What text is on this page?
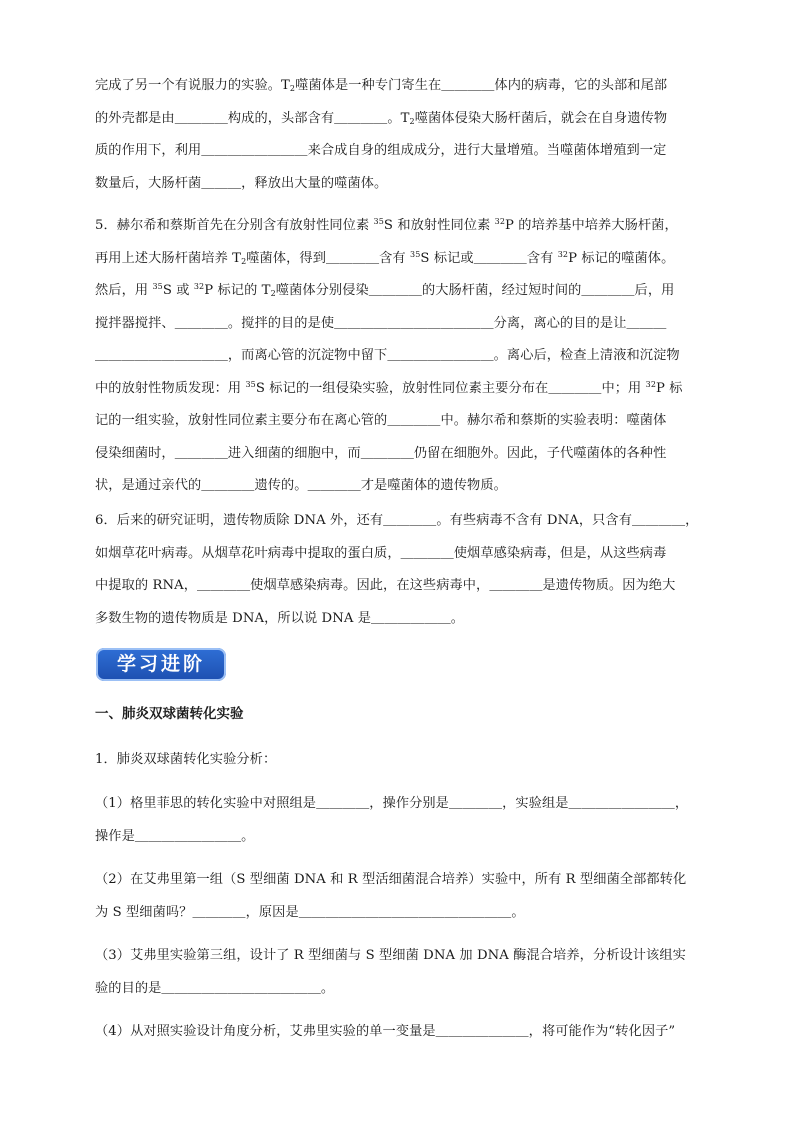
完成了另一个有说服力的实验。$T_2$噬菌体是一种专门寄生在＿＿＿＿体内的病毒，它的头部和尾部
的外壳都是由＿＿＿＿构成的，头部含有＿＿＿＿。$T_2$噬菌体侵染大肠杆菌后，就会在自身遗传物
质的作用下，利用＿＿＿＿＿＿＿＿来合成自身的组成成分，进行大量增殖。当噬菌体增殖到一定
数量后，大肠杆菌＿＿＿，释放出大量的噬菌体。
5．赫尔希和蔡斯首先在分别含有放射性同位素 $^{35}$S 和放射性同位素 $^{32}$P 的培养基中培养大肠杆菌，
再用上述大肠杆菌培养 $T_2$噬菌体，得到＿＿＿＿含有 $^{35}$S 标记或＿＿＿＿含有 $^{32}$P 标记的噬菌体。
然后，用 $^{35}$S 或 $^{32}$P 标记的 $T_2$噬菌体分别侵染＿＿＿＿的大肠杆菌，经过短时间的＿＿＿＿后，用
搅拌器搅拌、＿＿＿＿。搅拌的目的是使＿＿＿＿＿＿＿＿＿＿＿＿分离，离心的目的是让＿＿＿
＿＿＿＿＿＿＿＿＿＿，而离心管的沉淀物中留下＿＿＿＿＿＿＿＿。离心后，检查上清液和沉淀物
中的放射性物质发现：用 $^{35}$S 标记的一组侵染实验，放射性同位素主要分布在＿＿＿＿中；用 $^{32}$P 标
记的一组实验，放射性同位素主要分布在离心管的＿＿＿＿中。赫尔希和蔡斯的实验表明：噬菌体
侵染细菌时，＿＿＿＿进入细菌的细胞中，而＿＿＿＿仍留在细胞外。因此，子代噬菌体的各种性
状，是通过亲代的＿＿＿＿遗传的。＿＿＿＿才是噬菌体的遗传物质。
6．后来的研究证明，遗传物质除 DNA 外，还有＿＿＿＿。有些病毒不含有 DNA，只含有＿＿＿＿，
如烟草花叶病毒。从烟草花叶病毒中提取的蛋白质，＿＿＿＿使烟草感染病毒，但是，从这些病毒
中提取的 RNA，＿＿＿＿使烟草感染病毒。因此，在这些病毒中，＿＿＿＿是遗传物质。因为绝大
多数生物的遗传物质是 DNA，所以说 DNA 是＿＿＿＿＿＿。
学习进阶
一、肺炎双球菌转化实验
1．肺炎双球菌转化实验分析：
（1）格里菲思的转化实验中对照组是＿＿＿＿，操作分别是＿＿＿＿，实验组是＿＿＿＿＿＿＿＿，
操作是＿＿＿＿＿＿＿＿。
（2）在艾弗里第一组（S 型细菌 DNA 和 R 型活细菌混合培养）实验中，所有 R 型细菌全部都转化
为 S 型细菌吗？＿＿＿＿，原因是＿＿＿＿＿＿＿＿＿＿＿＿＿＿＿＿。
（3）艾弗里实验第三组，设计了 R 型细菌与 S 型细菌 DNA 加 DNA 酶混合培养，分析设计该组实
验的目的是＿＿＿＿＿＿＿＿＿＿＿＿。
（4）从对照实验设计角度分析，艾弗里实验的单一变量是＿＿＿＿＿＿＿，将可能作为“转化因子”
